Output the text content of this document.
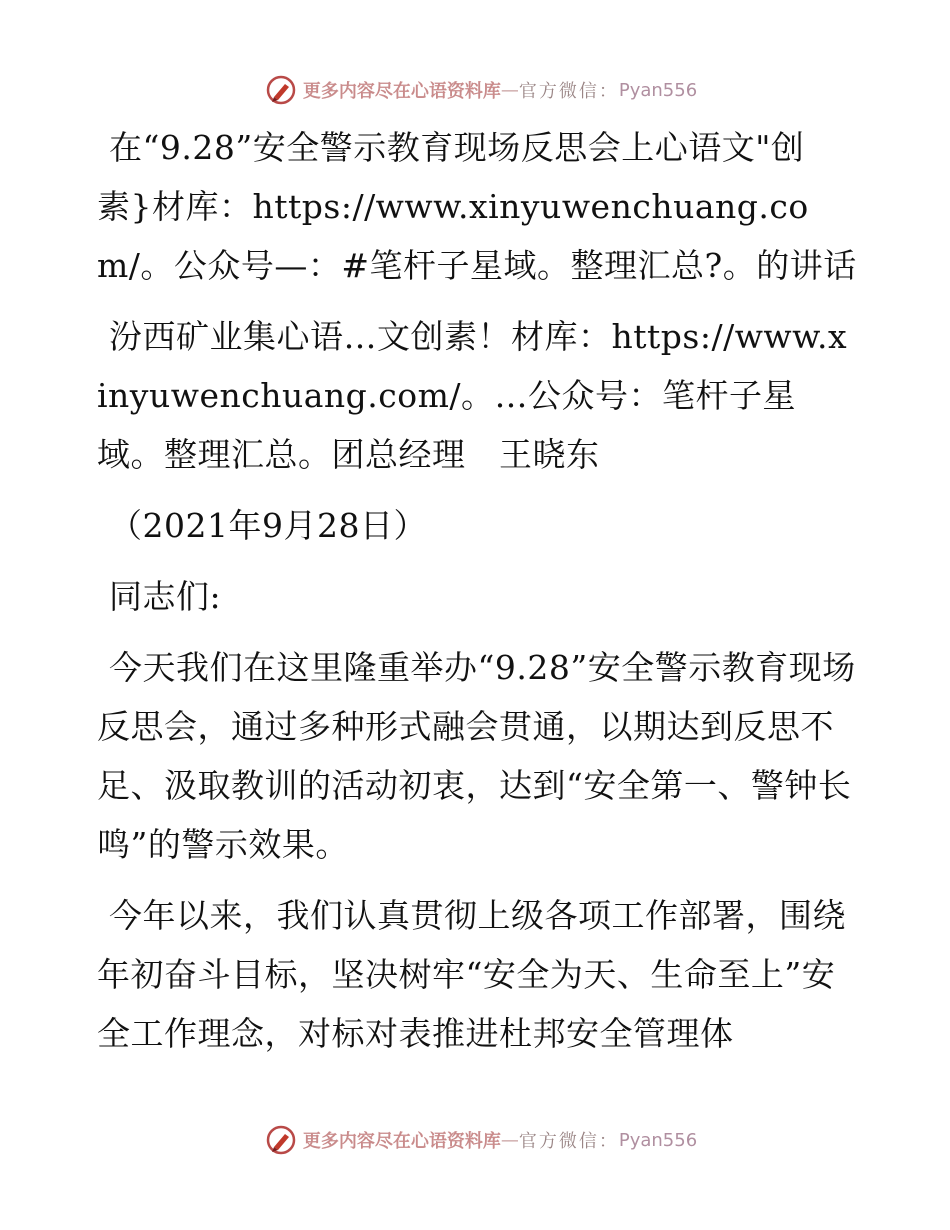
更多内容尽在心语资料库 — 官方微信： Pyan556

在“9.28”安全警示教育现场反思会上心语文"创素}材库：https://www.xinyuwenchuang.com/。公众号—：#笔杆子星域。整理汇总?。的讲话

汾西矿业集心语…文创素！材库：https://www.xinyuwenchuang.com/。…公众号：笔杆子星域。整理汇总。团总经理　王晓东

（2021年9月28日）

同志们:

今天我们在这里隆重举办“9.28”安全警示教育现场反思会，通过多种形式融会贯通，以期达到反思不足、汲取教训的活动初衷，达到“安全第一、警钟长鸣”的警示效果。

今年以来，我们认真贯彻上级各项工作部署，围绕年初奋斗目标，坚决树牢“安全为天、生命至上”安全工作理念，对标对表推进杜邦安全管理体

更多内容尽在心语资料库 — 官方微信： Pyan556
